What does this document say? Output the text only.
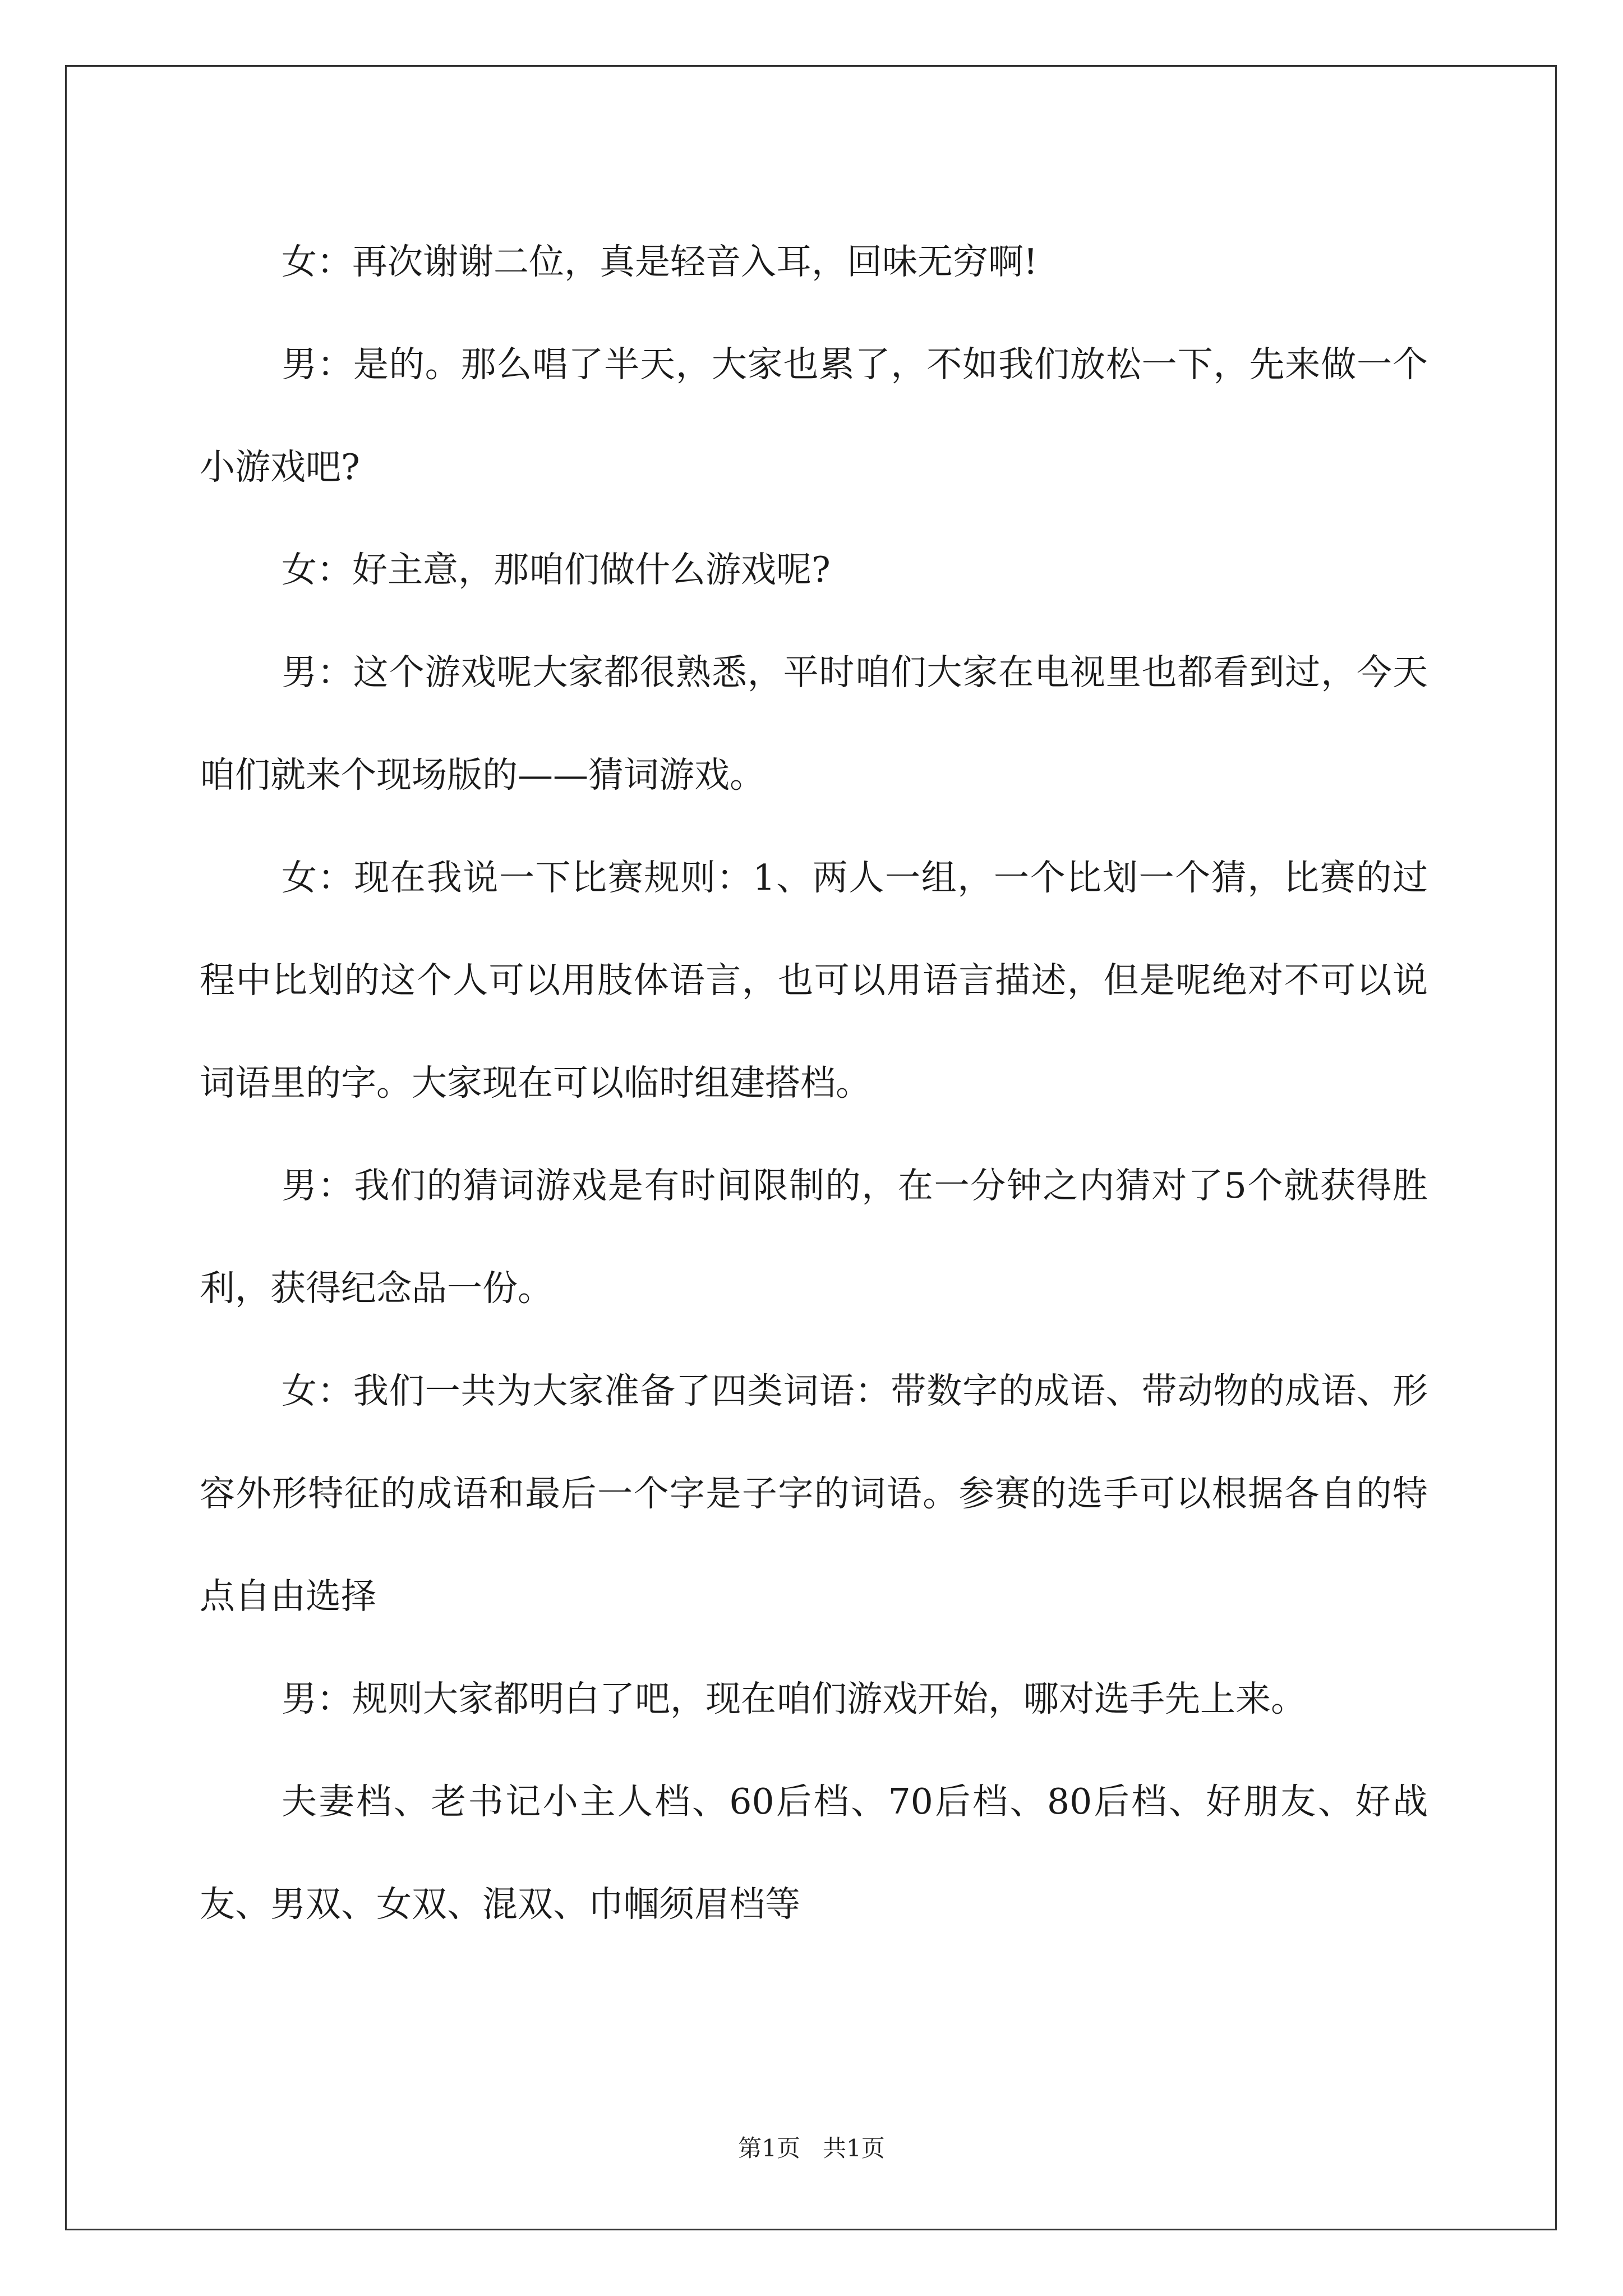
女：再次谢谢二位，真是轻音入耳，回味无穷啊!

男：是的。那么唱了半天，大家也累了，不如我们放松一下，先来做一个小游戏吧?

女：好主意，那咱们做什么游戏呢?

男：这个游戏呢大家都很熟悉，平时咱们大家在电视里也都看到过，今天咱们就来个现场版的——猜词游戏。

女：现在我说一下比赛规则：1、两人一组，一个比划一个猜，比赛的过程中比划的这个人可以用肢体语言，也可以用语言描述，但是呢绝对不可以说词语里的字。大家现在可以临时组建搭档。

男：我们的猜词游戏是有时间限制的，在一分钟之内猜对了5个就获得胜利，获得纪念品一份。

女：我们一共为大家准备了四类词语：带数字的成语、带动物的成语、形容外形特征的成语和最后一个字是子字的词语。参赛的选手可以根据各自的特点自由选择

男：规则大家都明白了吧，现在咱们游戏开始，哪对选手先上来。

夫妻档、老书记小主人档、60后档、70后档、80后档、好朋友、好战友、男双、女双、混双、巾帼须眉档等

第1页 共1页
